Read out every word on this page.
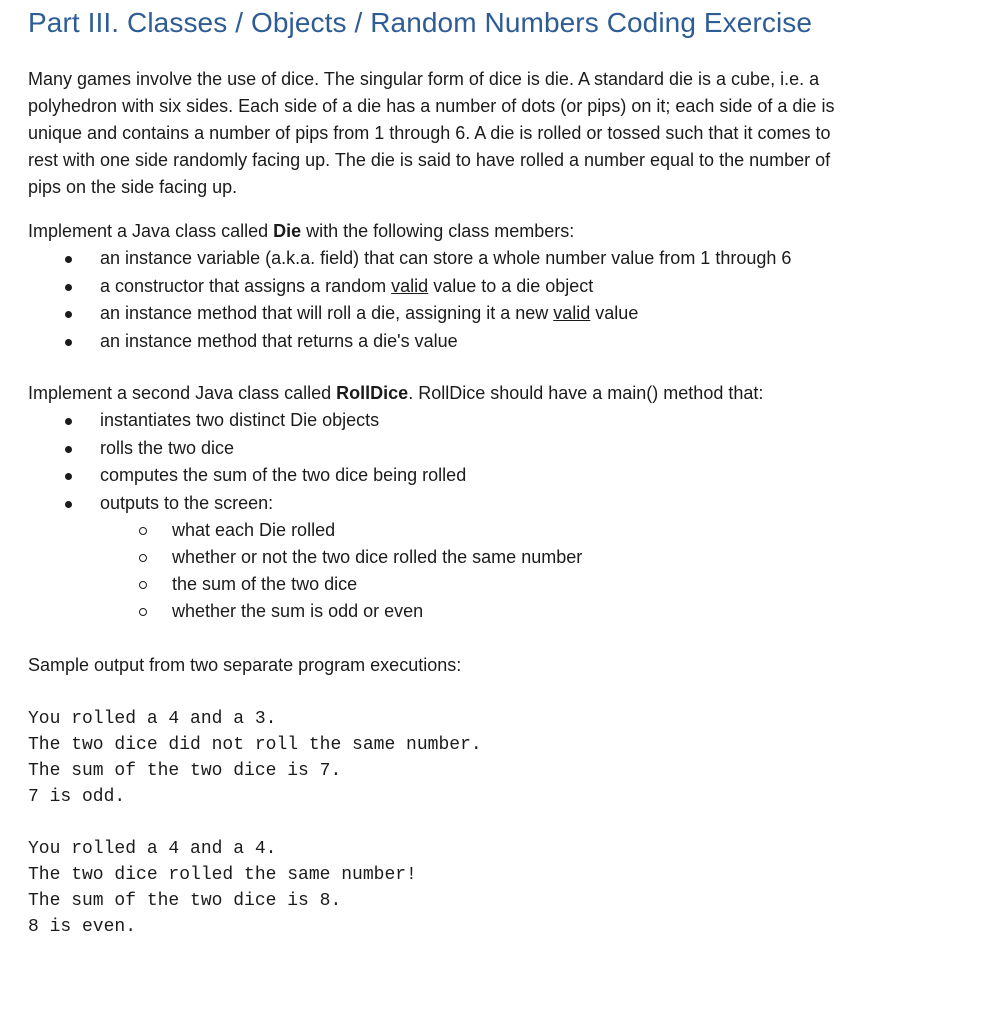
Part III. Classes / Objects / Random Numbers Coding Exercise
Many games involve the use of dice. The singular form of dice is die. A standard die is a cube, i.e. a
polyhedron with six sides. Each side of a die has a number of dots (or pips) on it; each side of a die is
unique and contains a number of pips from 1 through 6. A die is rolled or tossed such that it comes to
rest with one side randomly facing up. The die is said to have rolled a number equal to the number of
pips on the side facing up.

Implement a Java class called Die with the following class members:

an instance variable (a.k.a. field) that can store a whole number value from 1 through 6
a constructor that assigns a random valid value to a die object
an instance method that will roll a die, assigning it a new valid value
an instance method that returns a die's value

Implement a second Java class called RollDice. RollDice should have a main() method that:

instantiates two distinct Die objects
rolls the two dice
computes the sum of the two dice being rolled
outputs to the screen:
what each Die rolled
whether or not the two dice rolled the same number
the sum of the two dice
whether the sum is odd or even

Sample output from two separate program executions:

You rolled a 4 and a 3.
The two dice did not roll the same number.
The sum of the two dice is 7.
7 is odd.
You rolled a 4 and a 4.
The two dice rolled the same number!
The sum of the two dice is 8.
8 is even.
